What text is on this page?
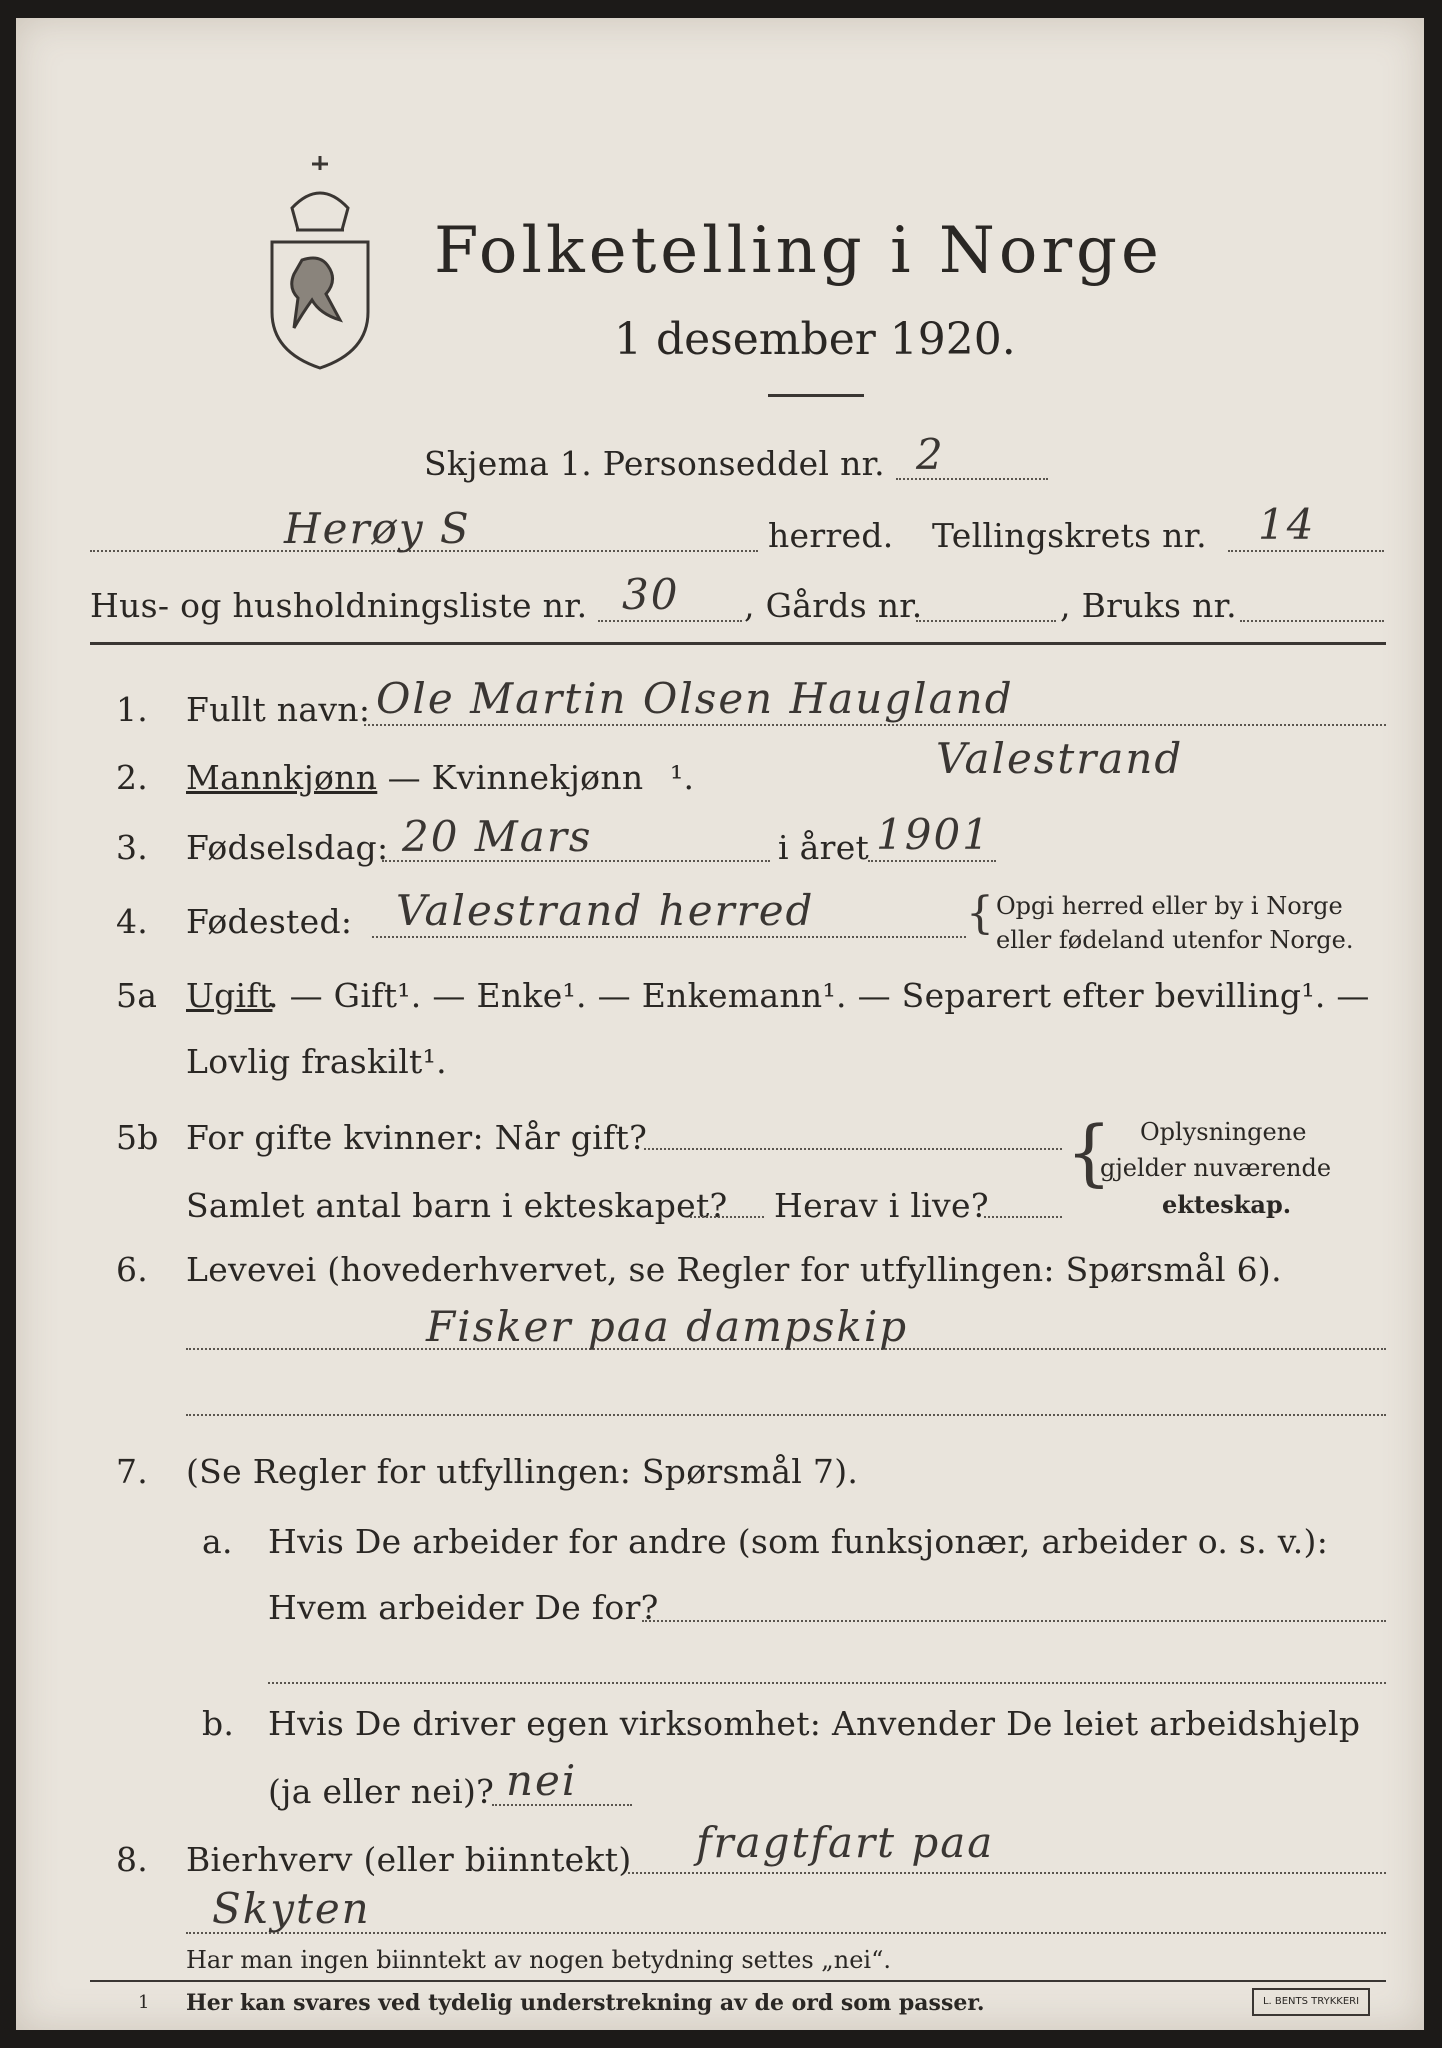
Folketelling i Norge
1 desember 1920.
Skjema 1. Personseddel nr. 2
Herøy S	herred. Tellingskrets nr. 14
Hus- og husholdningsliste nr. 30 , Gårds nr.	, Bruks nr.
1. Fullt navn: Ole Martin Olsen Haugland
2. Mannkjønn
. — Kvinnekjønn ¹.	Valestrand
3. Fødselsdag: 20 Mars	i året 1901
4. Fødested: Valestrand herred	{ Opgi herred eller by i Norge
eller fødeland utenfor Norge.
5a Ugift
. — Gift¹. — Enke¹. — Enkemann¹. — Separert efter bevilling¹. —
Lovlig fraskilt¹.
5b For gifte kvinner: Når gift?
Samlet antal barn i ekteskapet? Herav i live?
{ Oplysningene
gjelder nuværende
ekteskap.
6. Levevei (hovederhvervet, se Regler for utfyllingen: Spørsmål 6).
Fisker paa dampskip
7. (Se Regler for utfyllingen: Spørsmål 7).
a. Hvis De arbeider for andre (som funksjonær, arbeider o. s. v.):
Hvem arbeider De for?
b. Hvis De driver egen virksomhet: Anvender De leiet arbeidshjelp
(ja eller nei)? nei
8. Bierhverv (eller biinntekt) fragtfart paa
Skyten
Har man ingen biinntekt av nogen betydning settes „nei“.
1 Her kan svares ved tydelig understrekning av de ord som passer.	L. BENTS TRYKKERI
